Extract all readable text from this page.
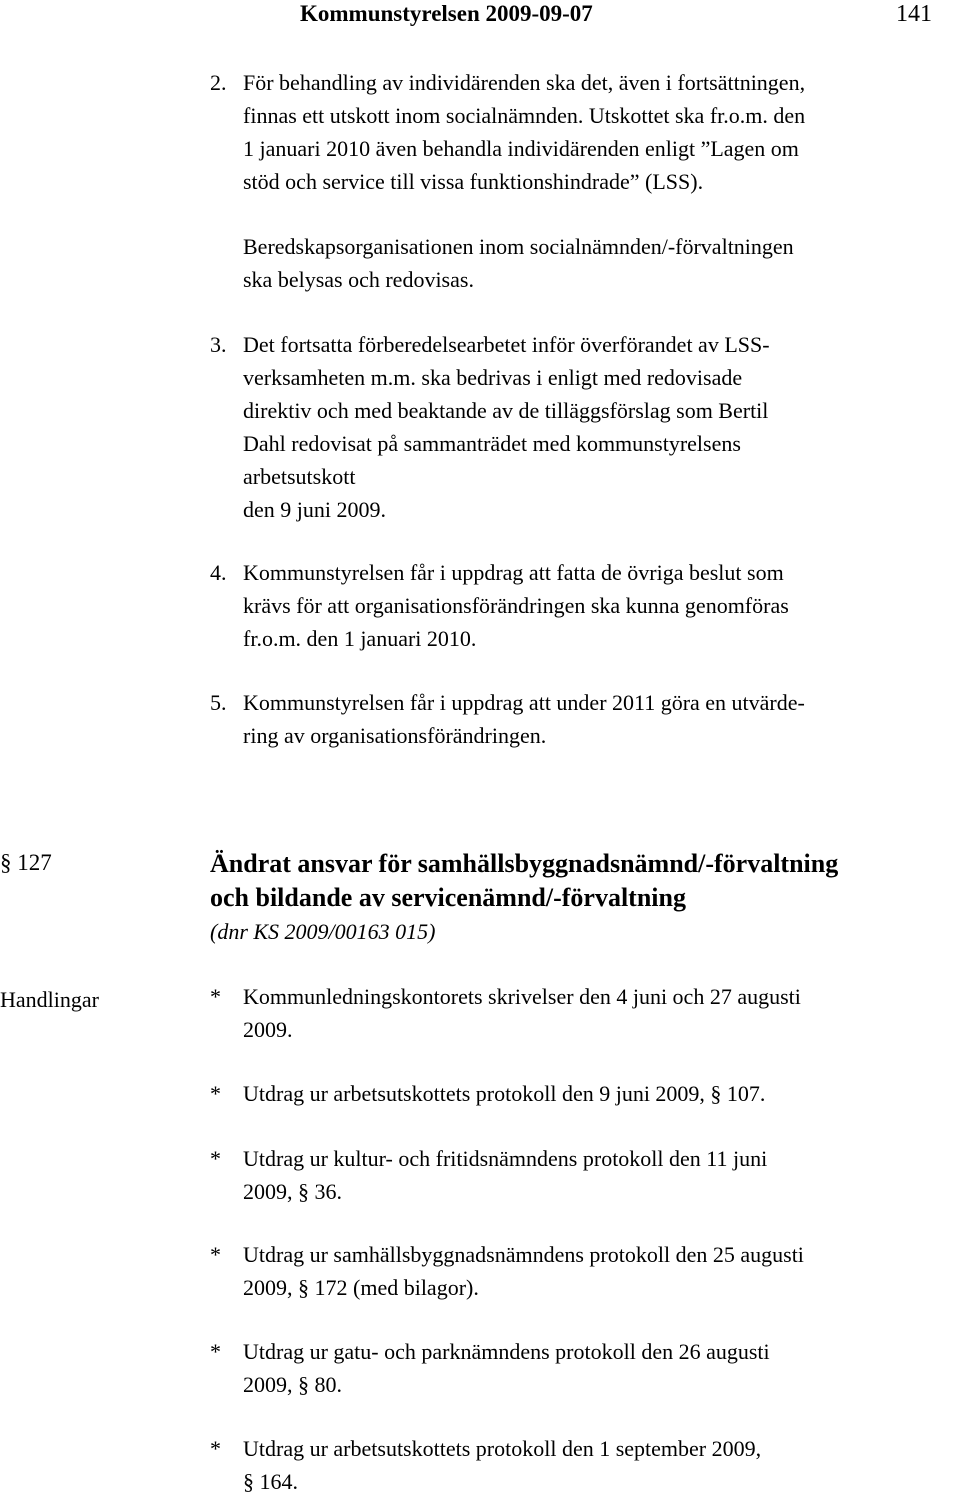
Kommunstyrelsen 2009-09-07	141
2. För behandling av individärenden ska det, även i fortsättningen,
finnas ett utskott inom socialnämnden. Utskottet ska fr.o.m. den
1 januari 2010 även behandla individärenden enligt ”Lagen om
stöd och service till vissa funktionshindrade” (LSS).
Beredskapsorganisationen inom socialnämnden/-förvaltningen
ska belysas och redovisas.
3. Det fortsatta förberedelsearbetet inför överförandet av LSS-
verksamheten m.m. ska bedrivas i enligt med redovisade
direktiv och med beaktande av de tilläggsförslag som Bertil
Dahl redovisat på sammanträdet med kommunstyrelsens
arbetsutskott
den 9 juni 2009.
4. Kommunstyrelsen får i uppdrag att fatta de övriga beslut som
krävs för att organisationsförändringen ska kunna genomföras
fr.o.m. den 1 januari 2010.
5. Kommunstyrelsen får i uppdrag att under 2011 göra en utvärde-
ring av organisationsförändringen.
§ 127	Ändrat ansvar för samhällsbyggnadsnämnd/-förvaltning
och bildande av servicenämnd/-förvaltning
(dnr KS 2009/00163 015)
Handlingar	* Kommunledningskontorets skrivelser den 4 juni och 27 augusti
2009.
* Utdrag ur arbetsutskottets protokoll den 9 juni 2009, § 107.
* Utdrag ur kultur- och fritidsnämndens protokoll den 11 juni
2009, § 36.
* Utdrag ur samhällsbyggnadsnämndens protokoll den 25 augusti
2009, § 172 (med bilagor).
* Utdrag ur gatu- och parknämndens protokoll den 26 augusti
2009, § 80.
* Utdrag ur arbetsutskottets protokoll den 1 september 2009,
§ 164.
